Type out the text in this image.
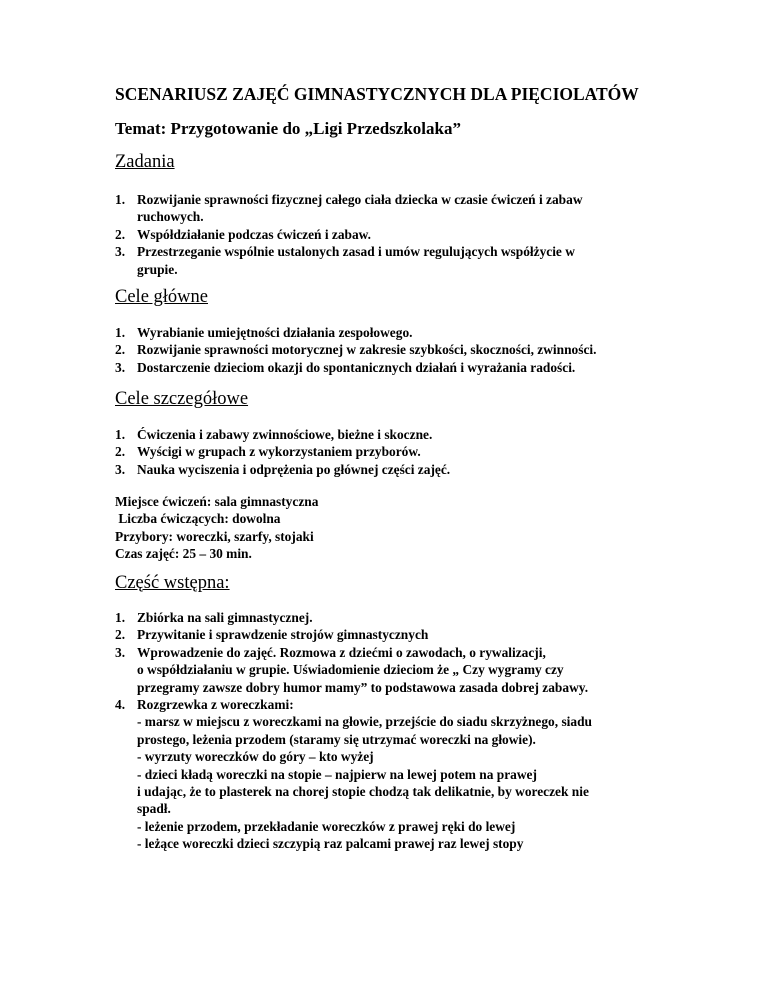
SCENARIUSZ ZAJĘĆ GIMNASTYCZNYCH DLA PIĘCIOLATÓW
Temat: Przygotowanie do „Ligi Przedszkolaka”
Zadania
1. Rozwijanie sprawności fizycznej całego ciała dziecka w czasie ćwiczeń i zabaw
ruchowych.
2. Współdziałanie podczas ćwiczeń i zabaw.
3. Przestrzeganie wspólnie ustalonych zasad i umów regulujących współżycie w
grupie.
Cele główne
1. Wyrabianie umiejętności działania zespołowego.
2. Rozwijanie sprawności motorycznej w zakresie szybkości, skoczności, zwinności.
3. Dostarczenie dzieciom okazji do spontanicznych działań i wyrażania radości.
Cele szczegółowe
1. Ćwiczenia i zabawy zwinnościowe, bieżne i skoczne.
2. Wyścigi w grupach z wykorzystaniem przyborów.
3. Nauka wyciszenia i odprężenia po głównej części zajęć.
Miejsce ćwiczeń: sala gimnastyczna
Liczba ćwiczących: dowolna
Przybory: woreczki, szarfy, stojaki
Czas zajęć: 25 – 30 min.
Część wstępna:
1. Zbiórka na sali gimnastycznej.
2. Przywitanie i sprawdzenie strojów gimnastycznych
3. Wprowadzenie do zajęć. Rozmowa z dziećmi o zawodach, o rywalizacji,
o współdziałaniu w grupie. Uświadomienie dzieciom że „ Czy wygramy czy
przegramy zawsze dobry humor mamy” to podstawowa zasada dobrej zabawy.
4. Rozgrzewka z woreczkami:
- marsz w miejscu z woreczkami na głowie, przejście do siadu skrzyżnego, siadu
prostego, leżenia przodem (staramy się utrzymać woreczki na głowie).
- wyrzuty woreczków do góry – kto wyżej
- dzieci kładą woreczki na stopie – najpierw na lewej potem na prawej
i udając, że to plasterek na chorej stopie chodzą tak delikatnie, by woreczek nie
spadł.
- leżenie przodem, przekładanie woreczków z prawej ręki do lewej
- leżące woreczki dzieci szczypią raz palcami prawej raz lewej stopy
